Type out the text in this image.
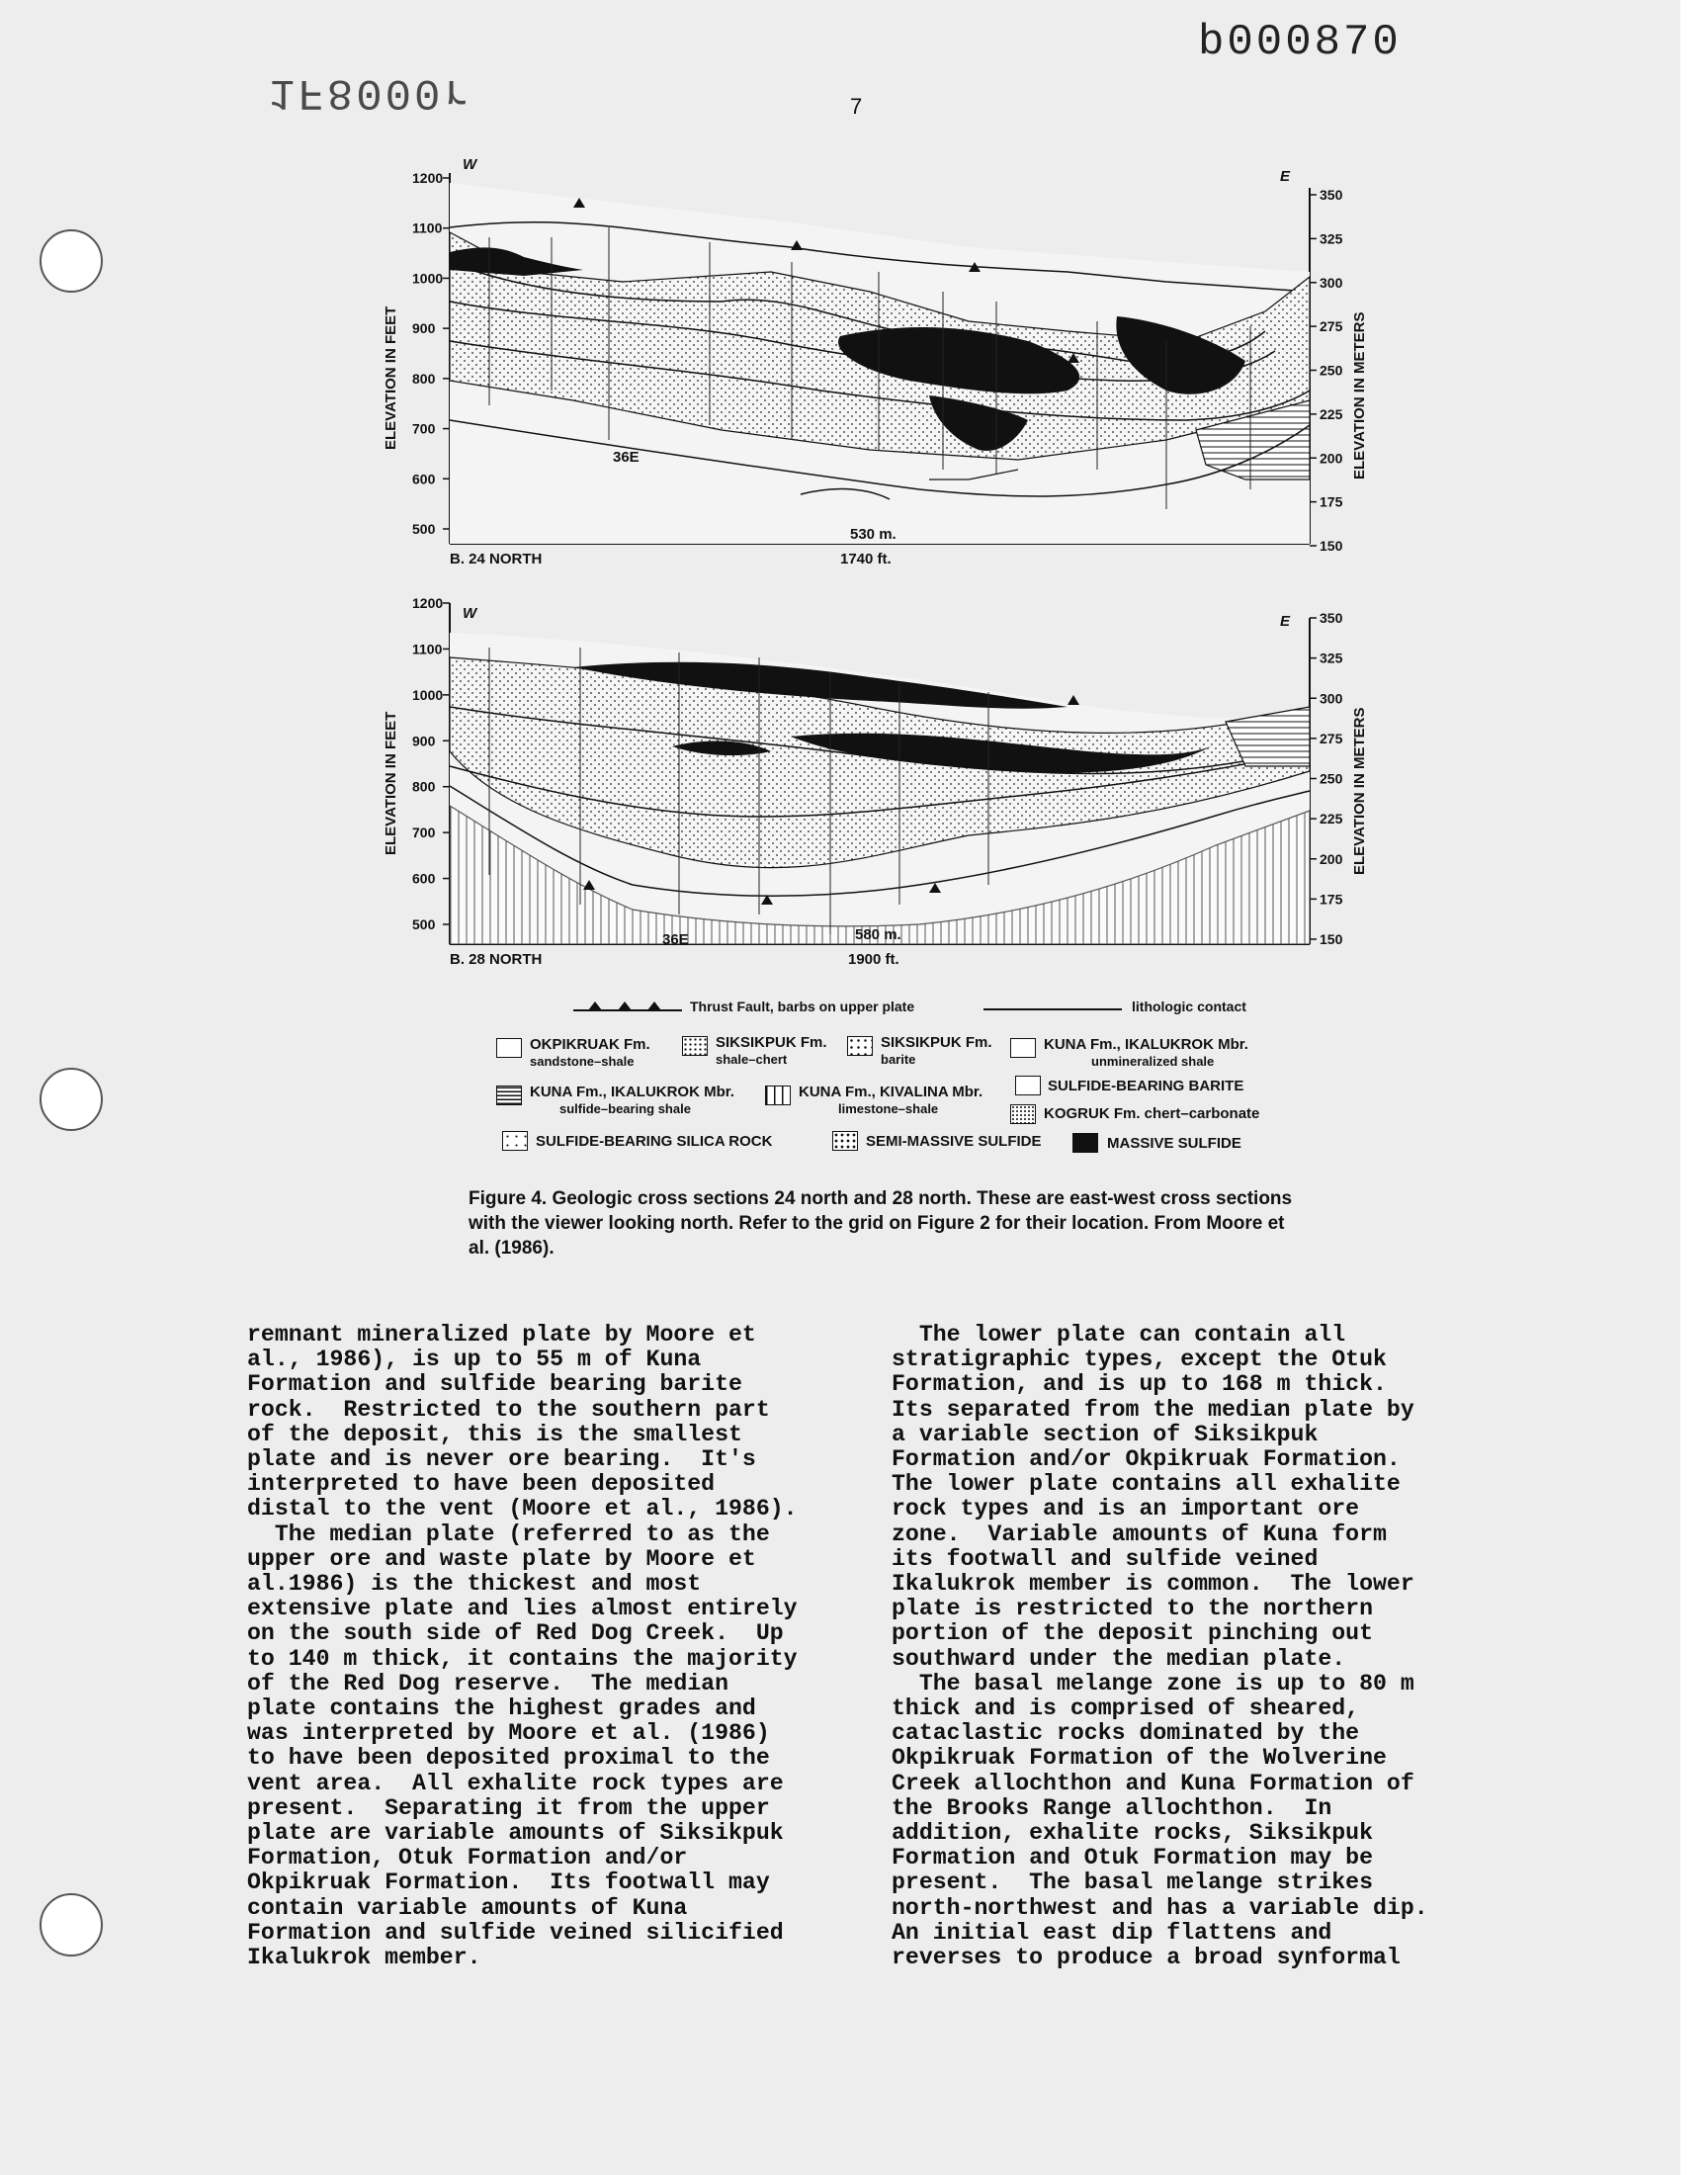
b000870
1F8000r	7
1200
1100
1000
900
800
700
600
500
350
325
300
275
250
225
200
175
150
W
E
36E
530 m.
1740 ft.
B. 24 NORTH
ELEVATION IN FEET	ELEVATION IN METERS
1200
1100
1000
900
800
700
600
500
350
325
300
275
250
225
200
175
150
W	E
36E	580 m.
1900 ft.
B. 28 NORTH
ELEVATION IN FEET	ELEVATION IN METERS
Thrust Fault, barbs on upper plate	lithologic contact
OKPIKRUAK Fm.
sandstone–shale
SIKSIKPUK Fm.
shale–chert
SIKSIKPUK Fm.
barite
KUNA Fm., IKALUKROK Mbr.
unmineralized shale
KUNA Fm., IKALUKROK Mbr.
sulfide–bearing shale
KUNA Fm., KIVALINA Mbr.
limestone–shale
SULFIDE-BEARING BARITE
KOGRUK Fm. chert–carbonate
SULFIDE-BEARING SILICA ROCK	SEMI-MASSIVE SULFIDE	MASSIVE SULFIDE
Figure 4. Geologic cross sections 24 north and 28 north. These are east-west cross sections with the viewer looking north. Refer to the grid on Figure 2 for their location. From Moore et al. (1986).
remnant mineralized plate by Moore et
al., 1986), is up to 55 m of Kuna
Formation and sulfide bearing barite
rock.  Restricted to the southern part
of the deposit, this is the smallest
plate and is never ore bearing.  It's
interpreted to have been deposited
distal to the vent (Moore et al., 1986).
The median plate (referred to as the
upper ore and waste plate by Moore et
al.1986) is the thickest and most
extensive plate and lies almost entirely
on the south side of Red Dog Creek.  Up
to 140 m thick, it contains the majority
of the Red Dog reserve.  The median
plate contains the highest grades and
was interpreted by Moore et al. (1986)
to have been deposited proximal to the
vent area.  All exhalite rock types are
present.  Separating it from the upper
plate are variable amounts of Siksikpuk
Formation, Otuk Formation and/or
Okpikruak Formation.  Its footwall may
contain variable amounts of Kuna
Formation and sulfide veined silicified
Ikalukrok member.
The lower plate can contain all
stratigraphic types, except the Otuk
Formation, and is up to 168 m thick.
Its separated from the median plate by
a variable section of Siksikpuk
Formation and/or Okpikruak Formation.
The lower plate contains all exhalite
rock types and is an important ore
zone.  Variable amounts of Kuna form
its footwall and sulfide veined
Ikalukrok member is common.  The lower
plate is restricted to the northern
portion of the deposit pinching out
southward under the median plate.
The basal melange zone is up to 80 m
thick and is comprised of sheared,
cataclastic rocks dominated by the
Okpikruak Formation of the Wolverine
Creek allochthon and Kuna Formation of
the Brooks Range allochthon.  In
addition, exhalite rocks, Siksikpuk
Formation and Otuk Formation may be
present.  The basal melange strikes
north-northwest and has a variable dip.
An initial east dip flattens and
reverses to produce a broad synformal
